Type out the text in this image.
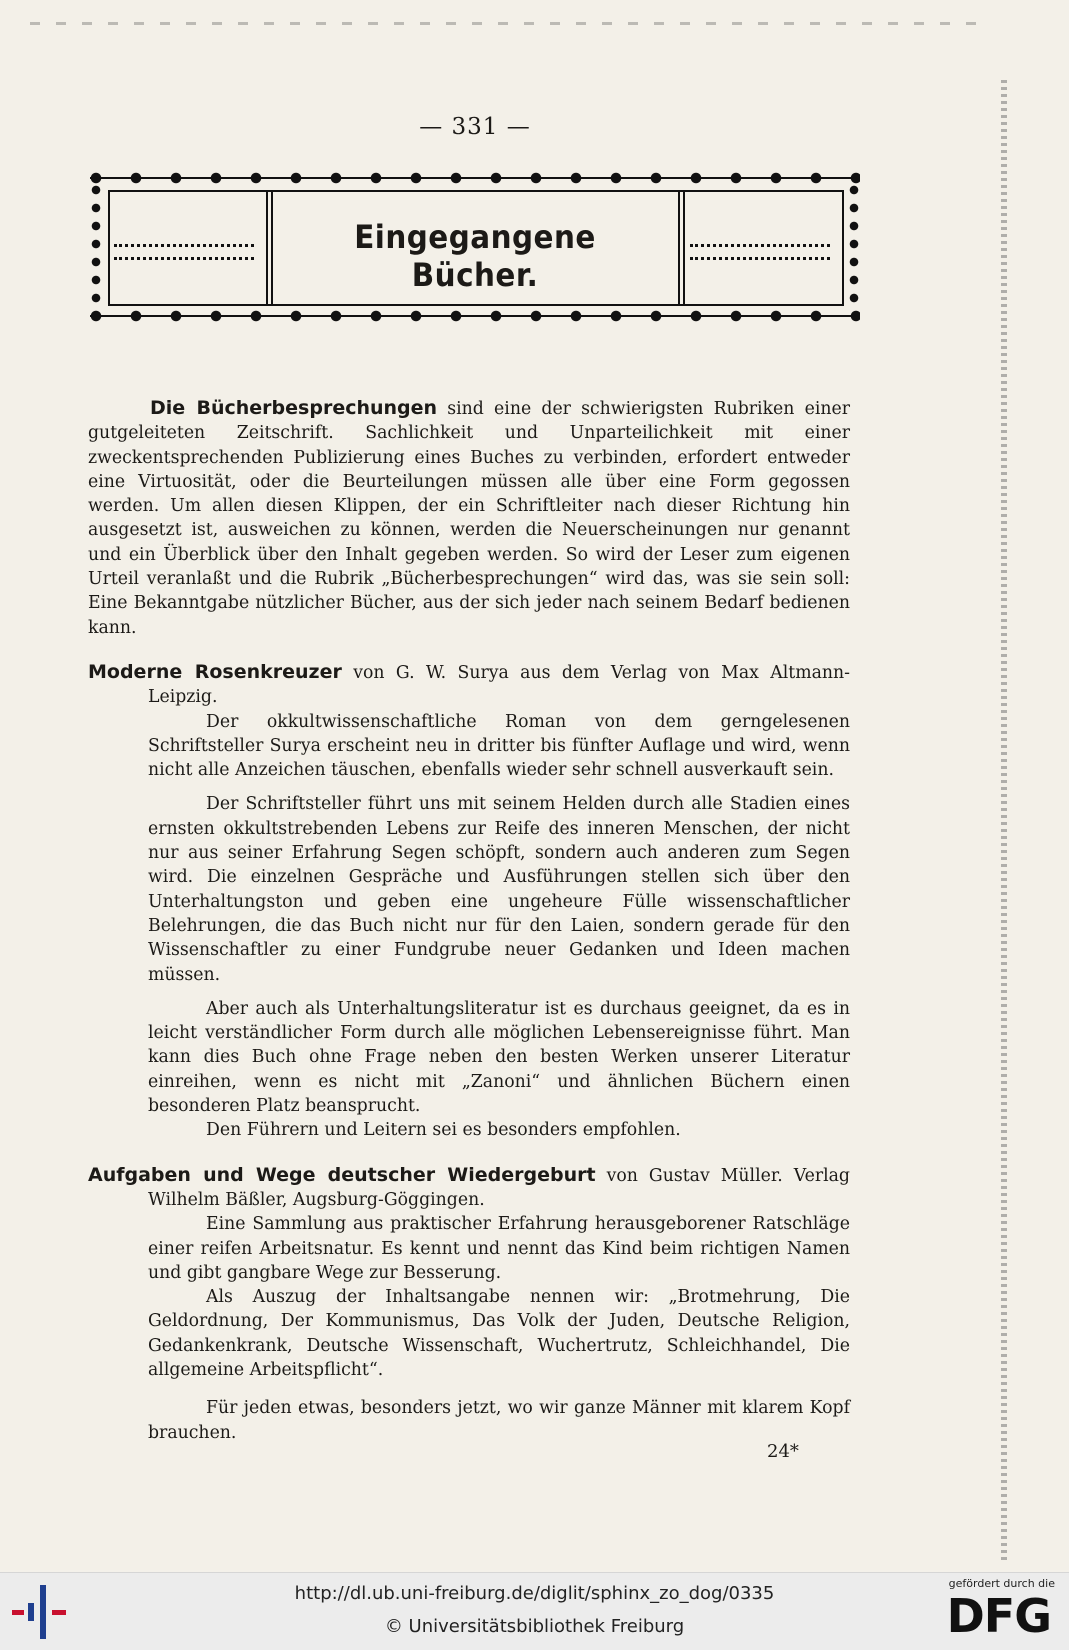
— 331 —
Eingegangene Bücher.

Die Bücherbesprechungen sind eine der schwierigsten Rubriken einer gutgeleiteten Zeitschrift. Sachlichkeit und Unparteilichkeit mit einer zweckentsprechenden Publizierung eines Buches zu verbinden, erfordert entweder eine Virtuosität, oder die Beurteilungen müssen alle über eine Form gegossen werden. Um allen diesen Klippen, der ein Schriftleiter nach dieser Richtung hin ausgesetzt ist, ausweichen zu können, werden die Neuerscheinungen nur genannt und ein Überblick über den Inhalt gegeben werden. So wird der Leser zum eigenen Urteil veranlaßt und die Rubrik „Bücherbesprechungen“ wird das, was sie sein soll: Eine Bekanntgabe nützlicher Bücher, aus der sich jeder nach seinem Bedarf bedienen kann.

Moderne Rosenkreuzer von G. W. Surya aus dem Verlag von Max Altmann-Leipzig.

Der okkultwissenschaftliche Roman von dem gerngelesenen Schriftsteller Surya erscheint neu in dritter bis fünfter Auflage und wird, wenn nicht alle Anzeichen täuschen, ebenfalls wieder sehr schnell ausverkauft sein.

Der Schriftsteller führt uns mit seinem Helden durch alle Stadien eines ernsten okkultstrebenden Lebens zur Reife des inneren Menschen, der nicht nur aus seiner Erfahrung Segen schöpft, sondern auch anderen zum Segen wird. Die einzelnen Gespräche und Ausführungen stellen sich über den Unterhaltungston und geben eine ungeheure Fülle wissenschaftlicher Belehrungen, die das Buch nicht nur für den Laien, sondern gerade für den Wissenschaftler zu einer Fundgrube neuer Gedanken und Ideen machen müssen.

Aber auch als Unterhaltungsliteratur ist es durchaus geeignet, da es in leicht verständlicher Form durch alle möglichen Lebensereignisse führt. Man kann dies Buch ohne Frage neben den besten Werken unserer Literatur einreihen, wenn es nicht mit „Zanoni“ und ähnlichen Büchern einen besonderen Platz beansprucht.

Den Führern und Leitern sei es besonders empfohlen.

Aufgaben und Wege deutscher Wiedergeburt von Gustav Müller. Verlag Wilhelm Bäßler, Augsburg-Göggingen.

Eine Sammlung aus praktischer Erfahrung herausgeborener Ratschläge einer reifen Arbeitsnatur. Es kennt und nennt das Kind beim richtigen Namen und gibt gangbare Wege zur Besserung.

Als Auszug der Inhaltsangabe nennen wir: „Brotmehrung, Die Geldordnung, Der Kommunismus, Das Volk der Juden, Deutsche Religion, Gedankenkrank, Deutsche Wissenschaft, Wuchertrutz, Schleichhandel, Die allgemeine Arbeitspflicht“.

Für jeden etwas, besonders jetzt, wo wir ganze Männer mit klarem Kopf brauchen.

24*
http://dl.ub.uni-freiburg.de/diglit/sphinx_zo_dog/0335
© Universitätsbibliothek Freiburg
gefördert durch die
DFG
